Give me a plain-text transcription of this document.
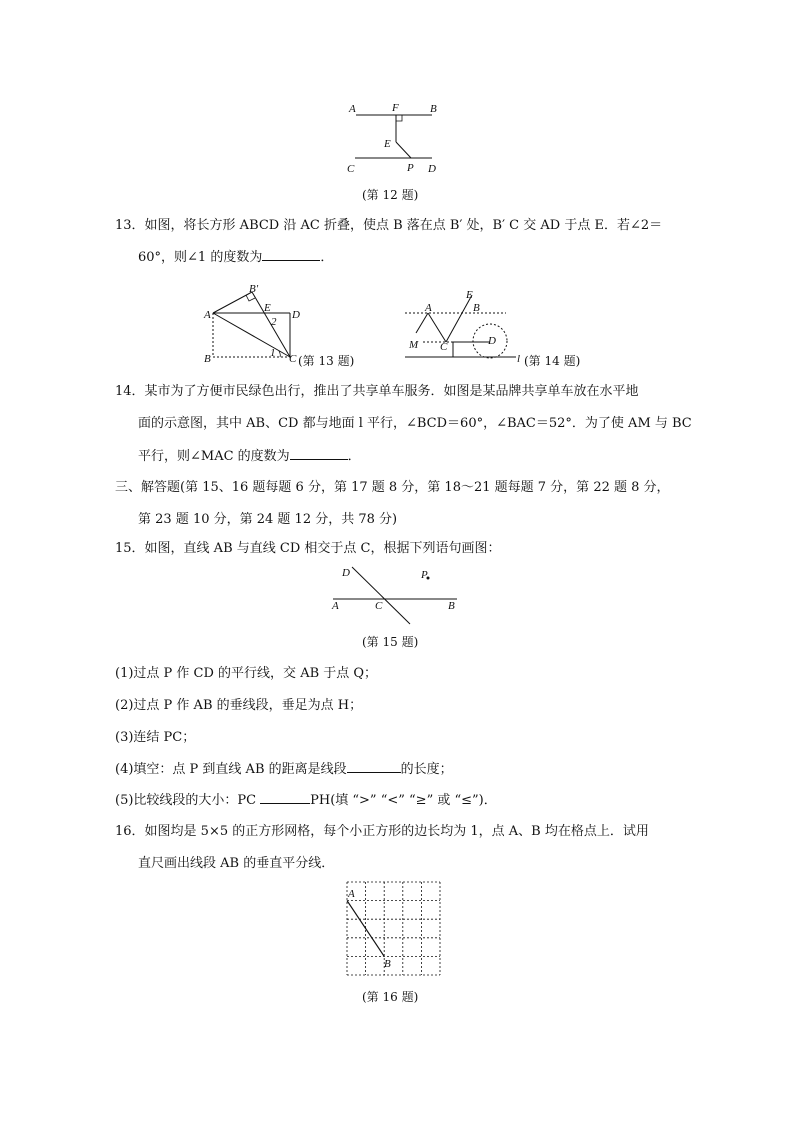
A	F	B
E
C	P D
(第 12 题)
13．如图，将长方形 ABCD 沿 AC 折叠，使点 B 落在点 B′ 处，B′ C 交 AD 于点 E．若∠2＝
60°，则∠1 的度数为	．
B′
A
E
D
2
B	1 C (第 13 题)
A
E
B
M C	D
l (第 14 题)
14．某市为了方便市民绿色出行，推出了共享单车服务．如图是某品牌共享单车放在水平地
面的示意图，其中 AB、CD 都与地面 l 平行，∠BCD＝60°，∠BAC＝52°．为了使 AM 与 BC
平行，则∠MAC 的度数为	．
三、解答题(第 15、16 题每题 6 分，第 17 题 8 分，第 18～21 题每题 7 分，第 22 题 8 分，
第 23 题 10 分，第 24 题 12 分，共 78 分)
15．如图，直线 AB 与直线 CD 相交于点 C，根据下列语句画图：
D	P
A	C	B
(第 15 题)
(1)过点 P 作 CD 的平行线，交 AB 于点 Q；
(2)过点 P 作 AB 的垂线段，垂足为点 H；
(3)连结 PC；
(4)填空：点 P 到直线 AB 的距离是线段	的长度；
(5)比较线段的大小：PC	PH(填 “>” “<” “≥” 或 “≤”)．
16．如图均是 5×5 的正方形网格，每个小正方形的边长均为 1，点 A、B 均在格点上．试用
直尺画出线段 AB 的垂直平分线．
A
B
(第 16 题)
